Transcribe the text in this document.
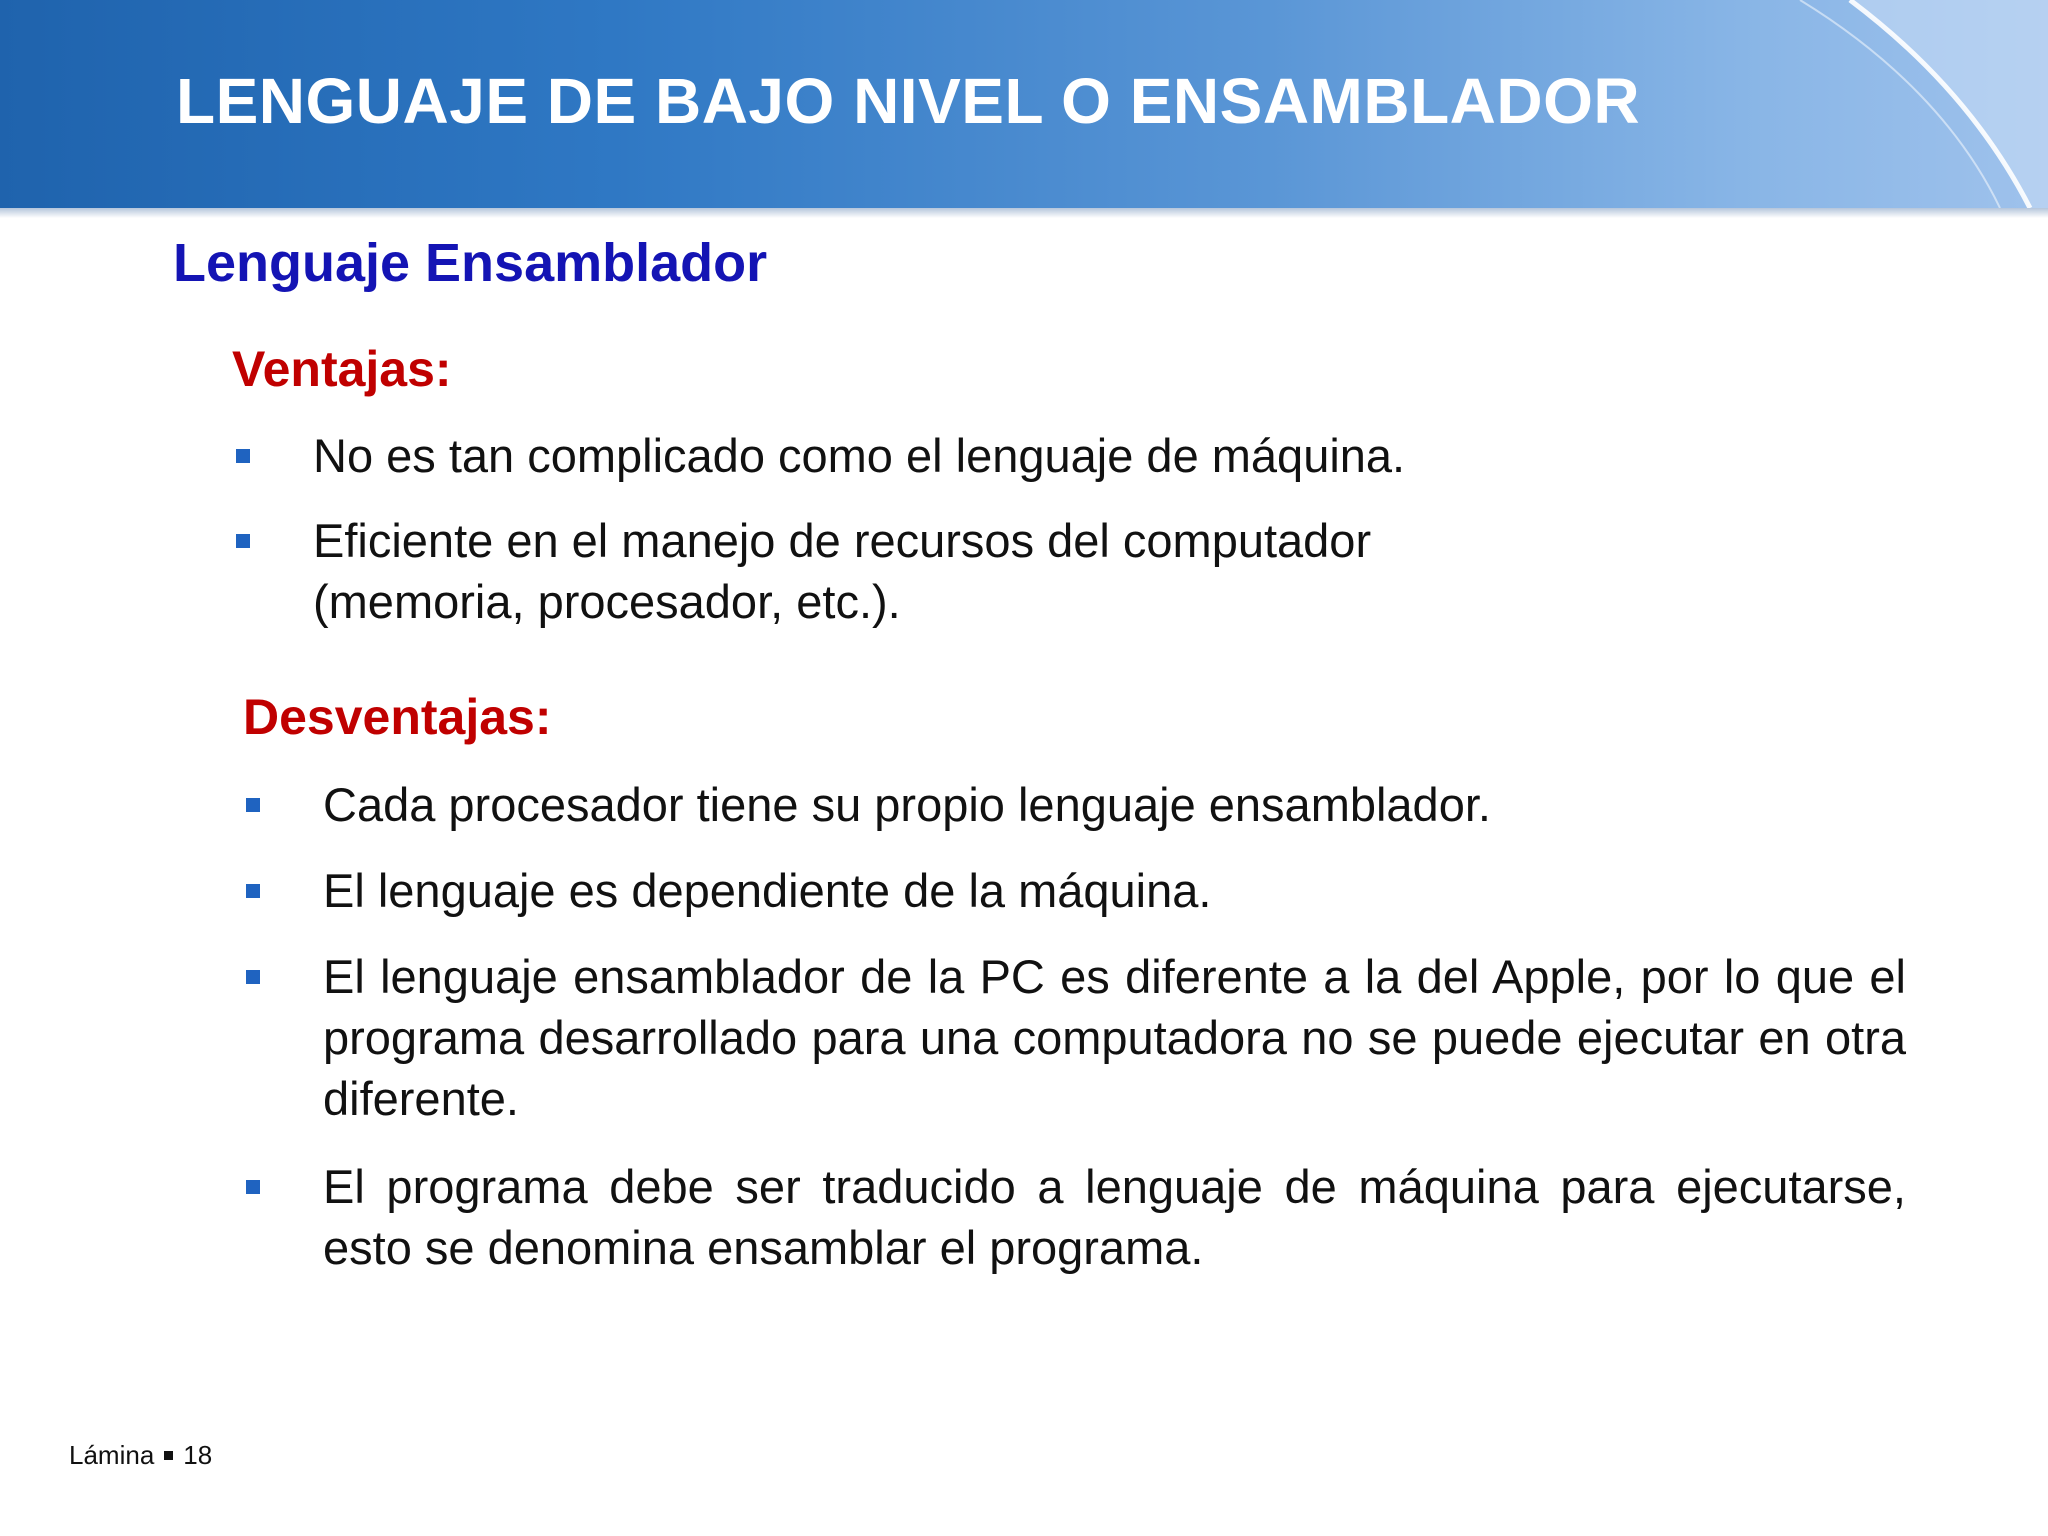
LENGUAJE DE BAJO NIVEL O ENSAMBLADOR
Lenguaje Ensamblador
Ventajas:
No es tan complicado como el lenguaje de máquina.
Eficiente en el manejo de recursos del computador (memoria, procesador, etc.).
Desventajas:
Cada procesador tiene su propio lenguaje ensamblador.
El lenguaje es dependiente de la máquina.
El lenguaje ensamblador de la PC es diferente a la del Apple, por lo que el programa desarrollado para una computadora no se puede ejecutar en otra diferente.
El programa debe ser traducido a lenguaje de máquina para ejecutarse, esto se denomina ensamblar el programa.
Lámina 18
